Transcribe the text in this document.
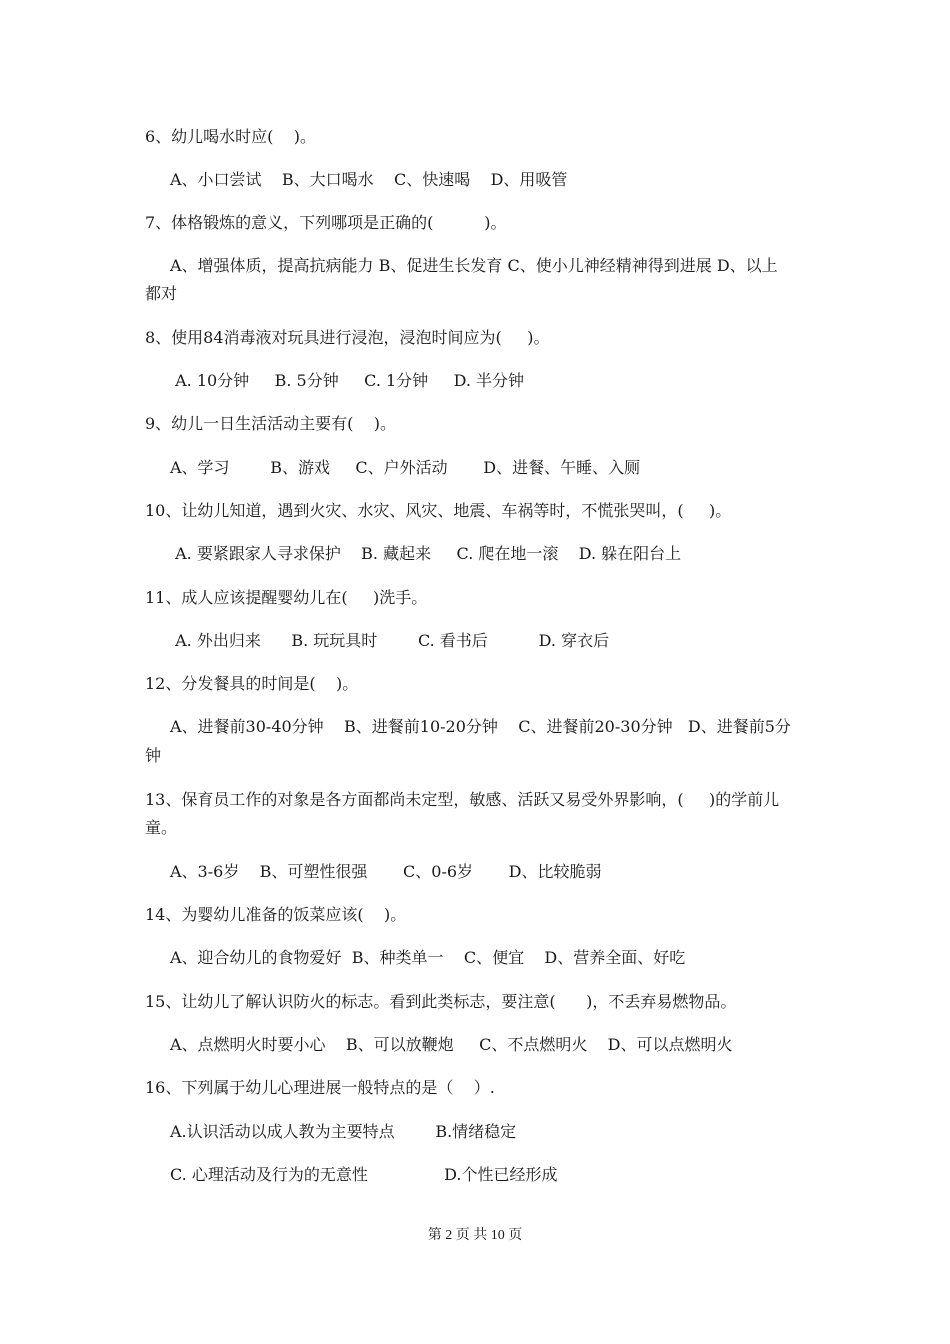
6、幼儿喝水时应(    )。
A、小口尝试    B、大口喝水    C、快速喝    D、用吸管
7、体格锻炼的意义，下列哪项是正确的(          )。
A、增强体质，提高抗病能力 B、促进生长发育 C、使小儿神经精神得到进展 D、以上
都对
8、使用84消毒液对玩具进行浸泡，浸泡时间应为(     )。
A. 10分钟     B. 5分钟     C. 1分钟     D. 半分钟
9、幼儿一日生活活动主要有(    )。
A、学习        B、游戏     C、户外活动       D、进餐、午睡、入厕
10、让幼儿知道，遇到火灾、水灾、风灾、地震、车祸等时，不慌张哭叫，(     )。
A. 要紧跟家人寻求保护    B. 藏起来     C. 爬在地一滚    D. 躲在阳台上
11、成人应该提醒婴幼儿在(     )洗手。
A. 外出归来      B. 玩玩具时        C. 看书后          D. 穿衣后
12、分发餐具的时间是(    )。
A、进餐前30-40分钟    B、进餐前10-20分钟    C、进餐前20-30分钟   D、进餐前5分
钟
13、保育员工作的对象是各方面都尚未定型，敏感、活跃又易受外界影响，(     )的学前儿
童。
A、3-6岁    B、可塑性很强       C、0-6岁       D、比较脆弱
14、为婴幼儿准备的饭菜应该(    )。
A、迎合幼儿的食物爱好  B、种类单一    C、便宜    D、营养全面、好吃
15、让幼儿了解认识防火的标志。看到此类标志，要注意(      )，不丢弃易燃物品。
A、点燃明火时要小心    B、可以放鞭炮     C、不点燃明火    D、可以点燃明火
16、下列属于幼儿心理进展一般特点的是（    ）.
A.认识活动以成人教为主要特点        B.情绪稳定
C. 心理活动及行为的无意性               D.个性已经形成
第 2 页 共 10 页
